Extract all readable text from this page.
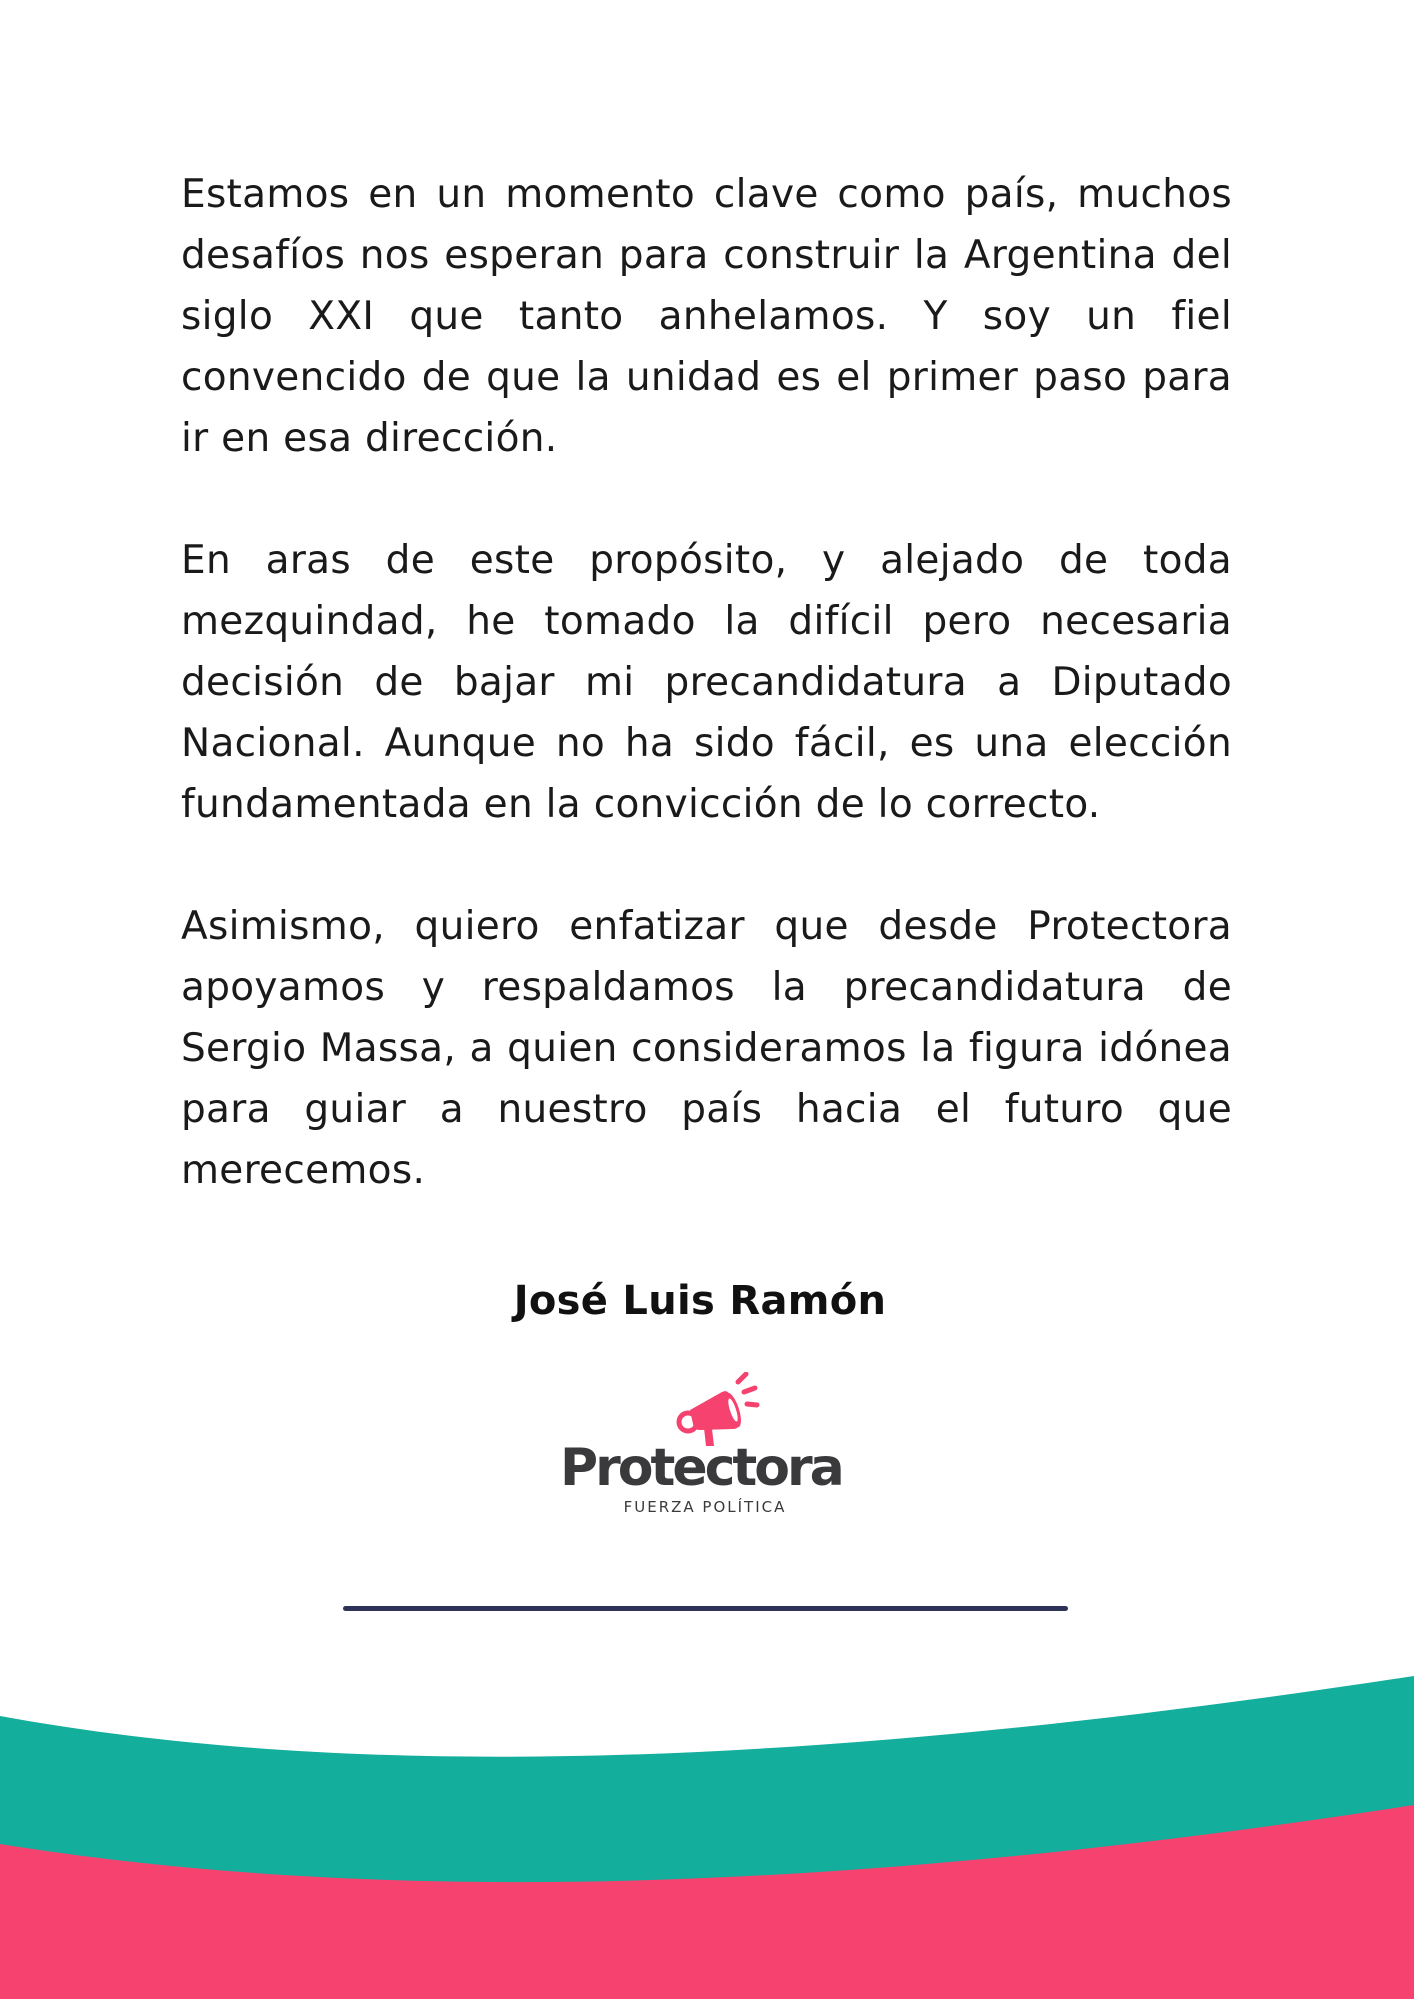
Estamos en un momento clave como país, muchos desafíos nos esperan para construir la Argentina del siglo XXI que tanto anhelamos. Y soy un fiel convencido de que la unidad es el primer paso para ir en esa dirección.

En aras de este propósito, y alejado de toda mezquindad, he tomado la difícil pero necesaria decisión de bajar mi precandidatura a Diputado Nacional. Aunque no ha sido fácil, es una elección fundamentada en la convicción de lo correcto.

Asimismo, quiero enfatizar que desde Protectora apoyamos y respaldamos la precandidatura de Sergio Massa, a quien consideramos la figura idónea para guiar a nuestro país hacia el futuro que merecemos.

José Luis Ramón
Protectora
FUERZA POLÍTICA
